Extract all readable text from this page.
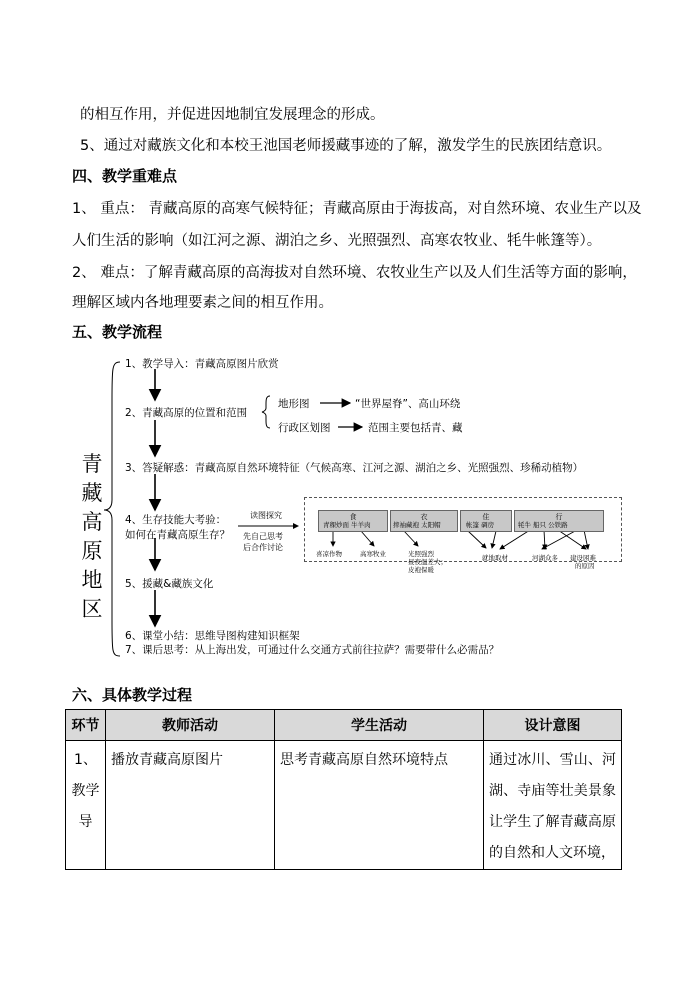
的相互作用，并促进因地制宜发展理念的形成。
5、通过对藏族文化和本校王池国老师援藏事迹的了解，激发学生的民族团结意识。
四、教学重难点
1、 重点： 青藏高原的高寒气候特征；青藏高原由于海拔高，对自然环境、农业生产以及
人们生活的影响（如江河之源、湖泊之乡、光照强烈、高寒农牧业、牦牛帐篷等）。
2、 难点：了解青藏高原的高海拔对自然环境、农牧业生产以及人们生活等方面的影响，
理解区域内各地理要素之间的相互作用。
五、教学流程
青藏高原地区
1、教学导入：青藏高原图片欣赏
2、青藏高原的位置和范围
地形图	“世界屋脊”、高山环绕
行政区划图	范围主要包括青、藏
3、答疑解惑：青藏高原自然环境特征（气候高寒、江河之源、湖泊之乡、光照强烈、珍稀动植物）
4、生存技能大考验：
如何在青藏高原生存？
读图探究
先自己思考
后合作讨论
5、援藏&藏族文化
6、课堂小结：思维导图构建知识框架
7、课后思考：从上海出发，可通过什么交通方式前往拉萨？需要带什么必需品？
食
青稞炒面 牛羊肉
衣
摔袖藏袍 太阳帽
住
帐篷 碉房
行
牦牛 船只 公铁路
喜凉作物	高寒牧业	光照强烈
昼夜温差大；
皮袍保暖
就地取材	河湖众多 建设困难
的原因
六、具体教学过程
环节	教师活动	学生活动	设计意图
1、教学导	播放青藏高原图片	思考青藏高原自然环境特点	通过冰川、雪山、河湖、寺庙等壮美景象让学生了解青藏高原的自然和人文环境，
